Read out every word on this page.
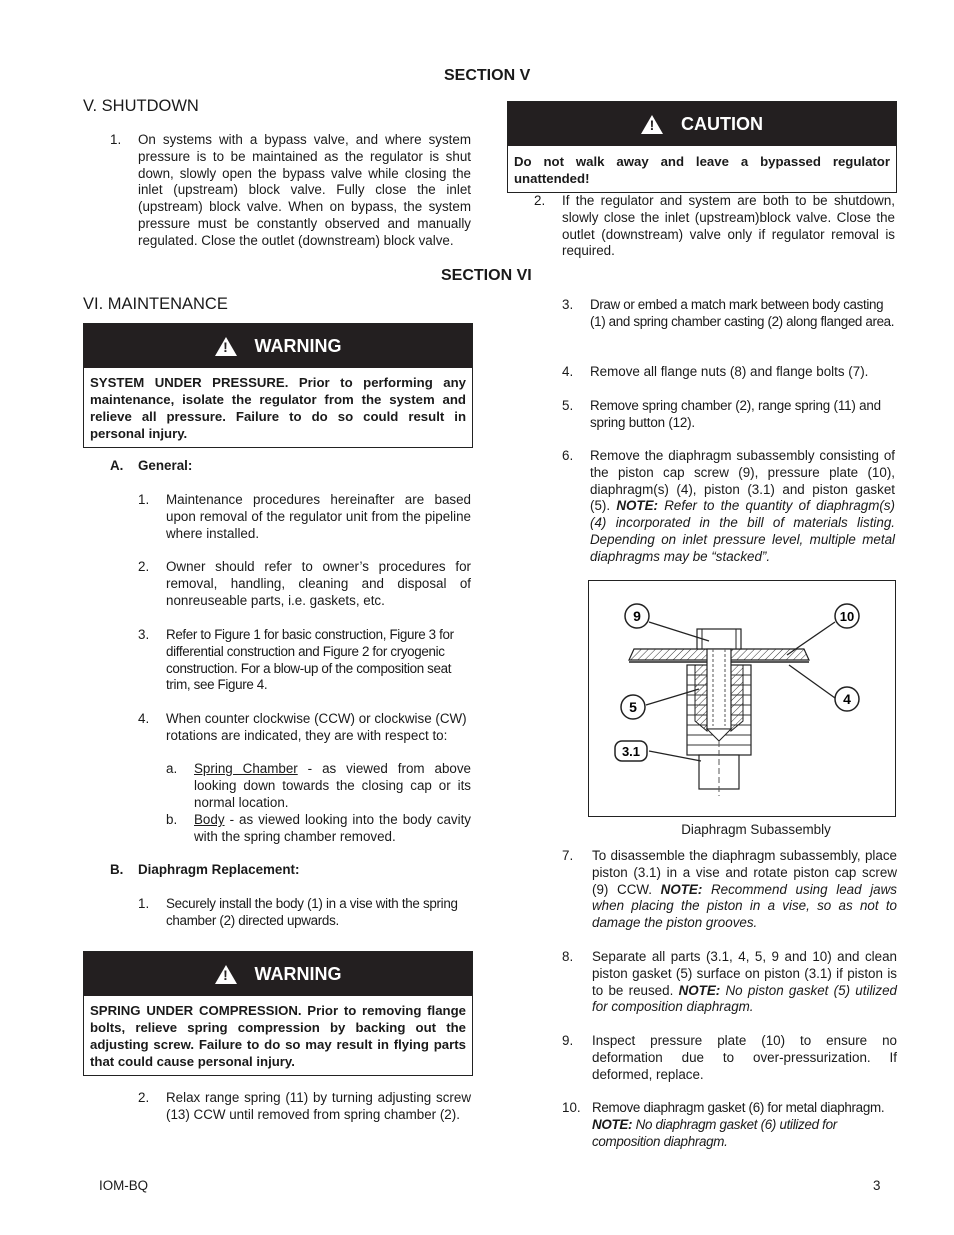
SECTION V
V. SHUTDOWN
1. On systems with a bypass valve, and where system pressure is to be maintained as the regulator is shut down, slowly open the bypass valve while closing the inlet (upstream) block valve. Fully close the inlet (upstream) block valve. When on bypass, the system pressure must be constantly observed and manually regulated. Close the outlet (downstream) block valve.
! CAUTION
Do not walk away and leave a bypassed regulator unattended!
2. If the regulator and system are both to be shutdown, slowly close the inlet (upstream)block valve. Close the outlet (downstream) valve only if regulator removal is required.
SECTION VI
VI. MAINTENANCE
! WARNING
SYSTEM UNDER PRESSURE. Prior to performing any maintenance, isolate the regulator from the system and relieve all pressure. Failure to do so could result in personal injury.
A. General:
1. Maintenance procedures hereinafter are based upon removal of the regulator unit from the pipeline where installed.
2. Owner should refer to owner’s procedures for removal, handling, cleaning and disposal of nonreuseable parts, i.e. gaskets, etc.
3. Refer to Figure 1 for basic construction, Figure 3 for differential construction and Figure 2 for cryogenic construction. For a blow-up of the composition seat trim, see Figure 4.
4. When counter clockwise (CCW) or clockwise (CW) rotations are indicated, they are with respect to:
a. Spring Chamber - as viewed from above looking down towards the closing cap or its normal location.
b. Body - as viewed looking into the body cavity with the spring chamber removed.
B. Diaphragm Replacement:
1. Securely install the body (1) in a vise with the spring chamber (2) directed upwards.
! WARNING
SPRING UNDER COMPRESSION. Prior to removing flange bolts, relieve spring compression by backing out the adjusting screw. Failure to do so may result in flying parts that could cause personal injury.
2. Relax range spring (11) by turning adjusting screw (13) CCW until removed from spring chamber (2).
3. Draw or embed a match mark between body casting (1) and spring chamber casting (2) along flanged area.
4. Remove all flange nuts (8) and flange bolts (7).
5. Remove spring chamber (2), range spring (11) and spring button (12).
6. Remove the diaphragm subassembly consisting of the piston cap screw (9), pressure plate (10), diaphragm(s) (4), piston (3.1) and piston gasket (5). NOTE: Refer to the quantity of diaphragm(s) (4) incorporated in the bill of materials listing. Depending on inlet pressure level, multiple metal diaphragms may be “stacked”.
9	10
5	4
3.1
Diaphragm Subassembly
7. To disassemble the diaphragm subassembly, place piston (3.1) in a vise and rotate piston cap screw (9) CCW. NOTE: Recommend using lead jaws when placing the piston in a vise, so as not to damage the piston grooves.
8. Separate all parts (3.1, 4, 5, 9 and 10) and clean piston gasket (5) surface on piston (3.1) if piston is to be reused. NOTE: No piston gasket (5) utilized for composition diaphragm.
9. Inspect pressure plate (10) to ensure no deformation due to over-pressurization. If deformed, replace.
10. Remove diaphragm gasket (6) for metal diaphragm. NOTE: No diaphragm gasket (6) utilized for composition diaphragm.
IOM-BQ	3
